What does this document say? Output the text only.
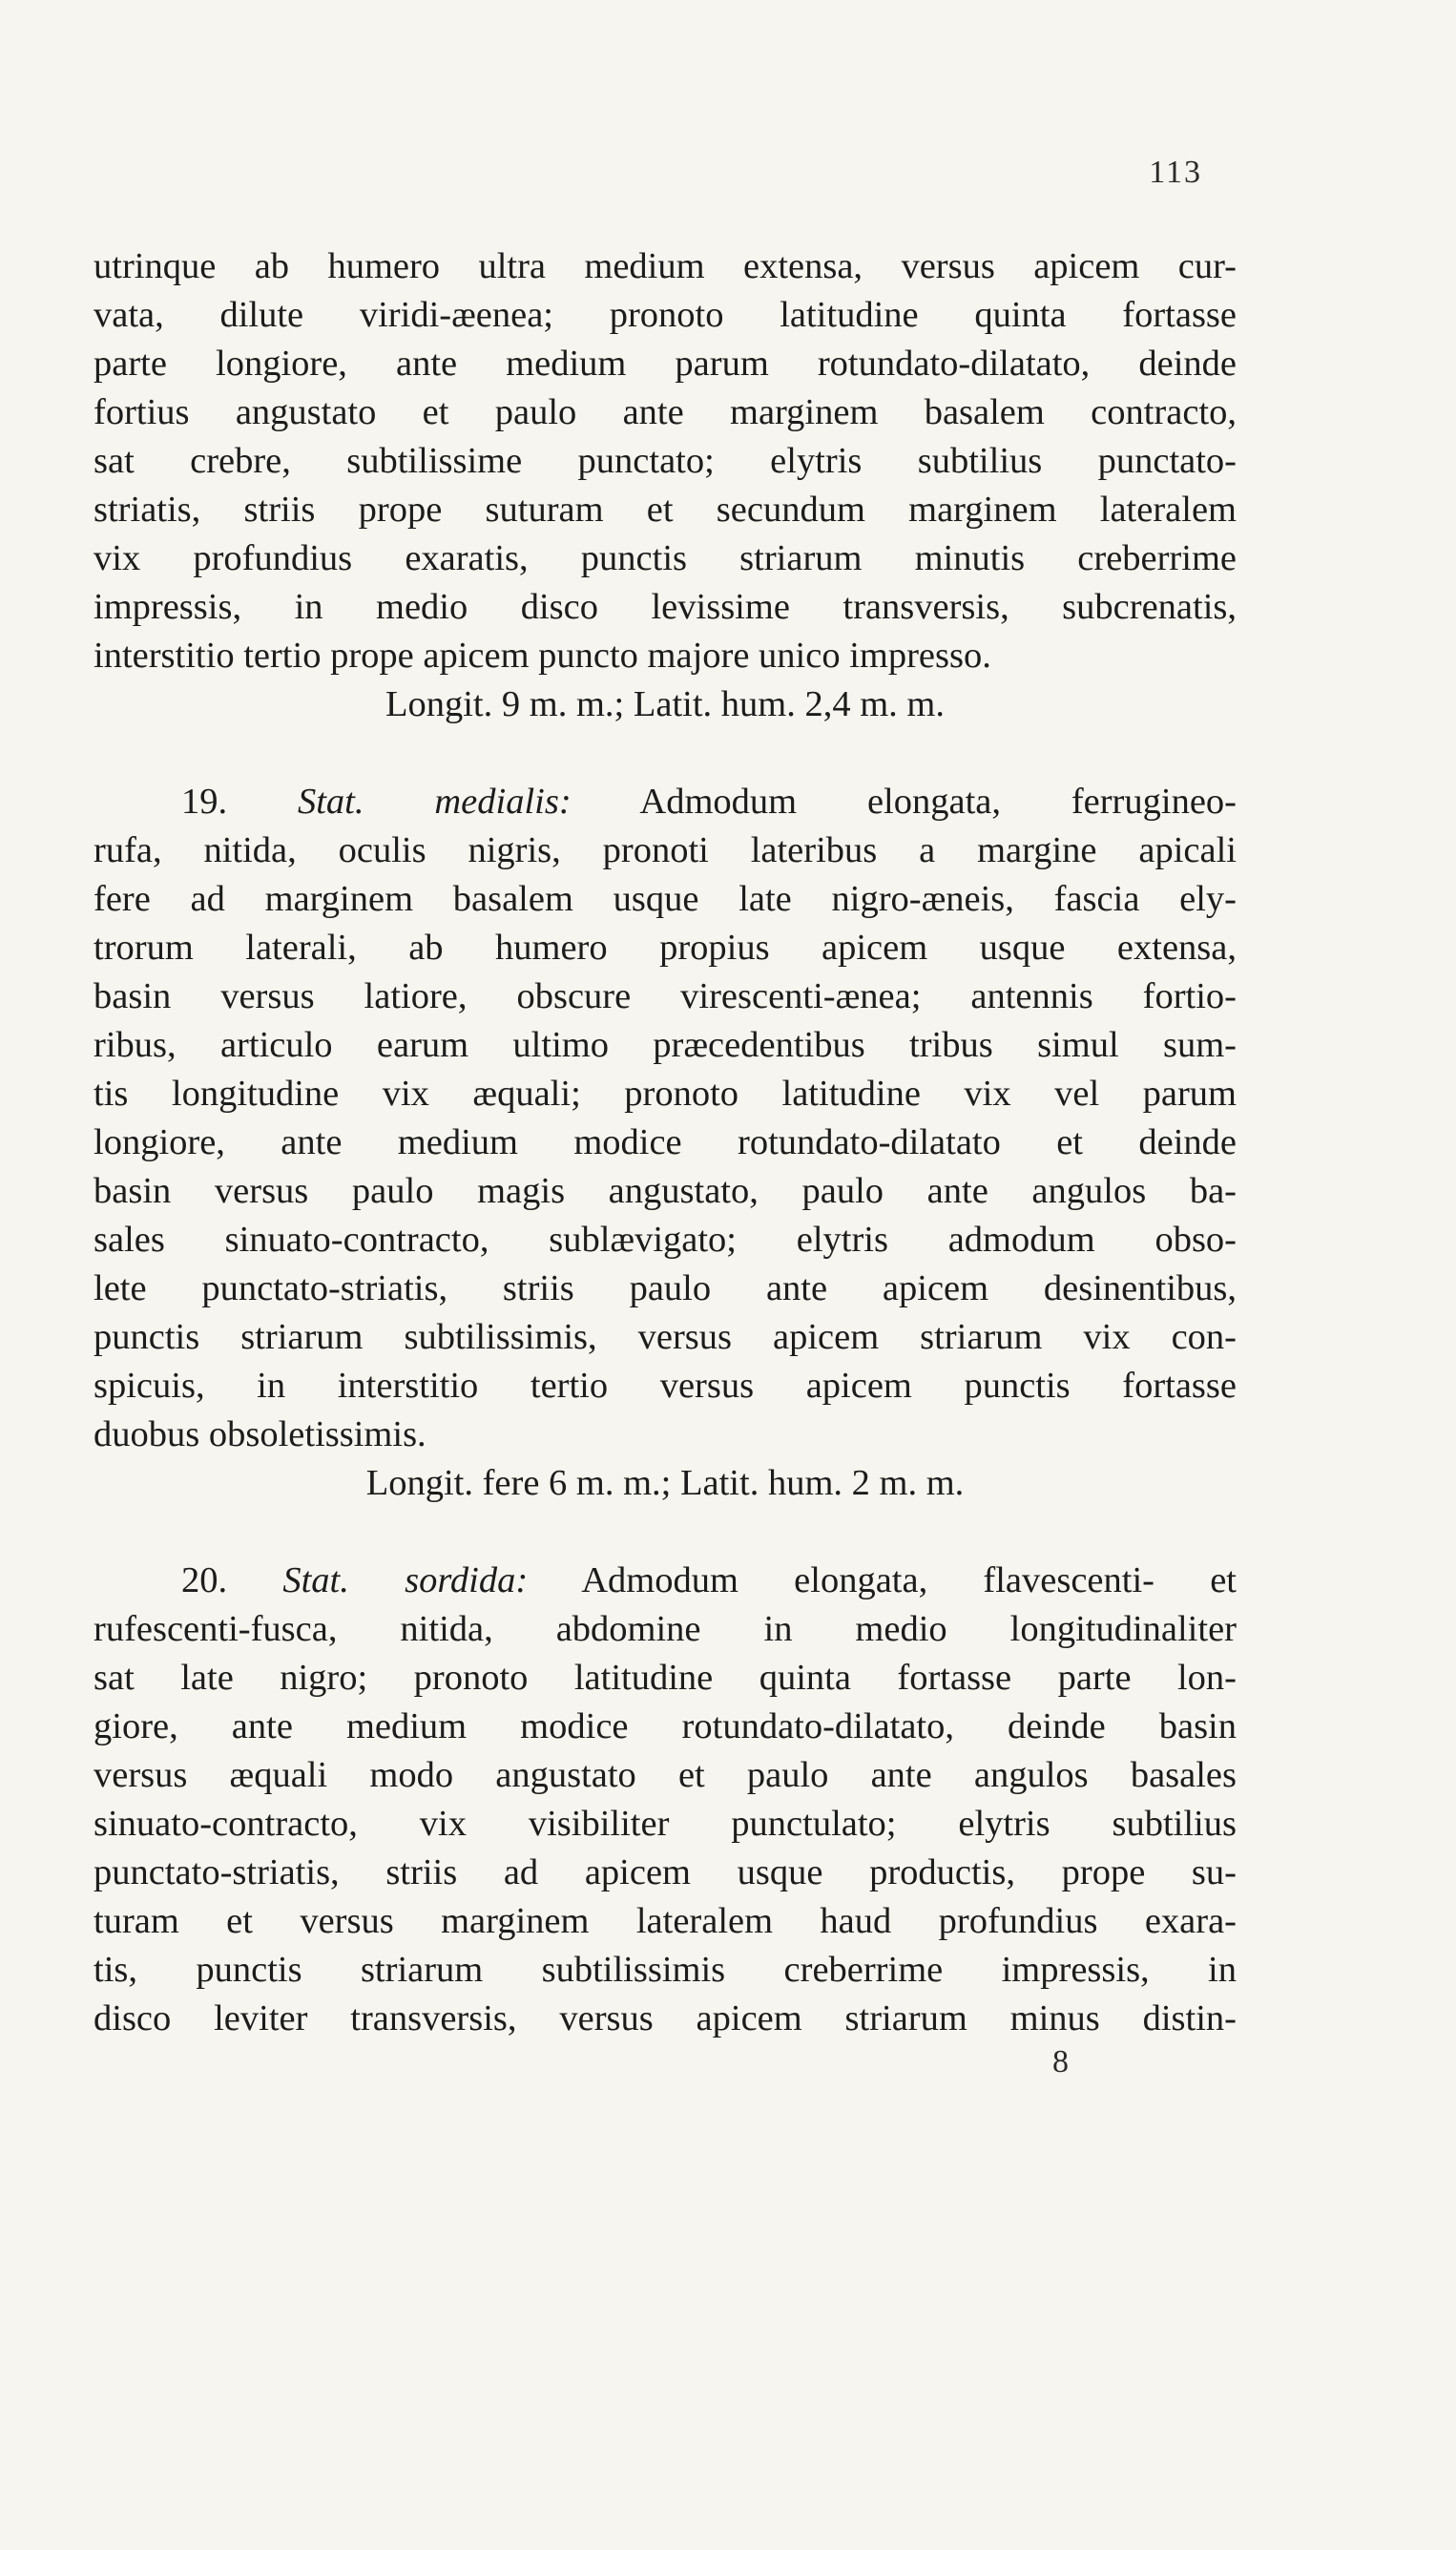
113
utrinque ab humero ultra medium extensa, versus apicem cur-
vata, dilute viridi-æenea; pronoto latitudine quinta fortasse
parte longiore, ante medium parum rotundato-dilatato, deinde
fortius angustato et paulo ante marginem basalem contracto,
sat crebre, subtilissime punctato; elytris subtilius punctato-
striatis, striis prope suturam et secundum marginem lateralem
vix profundius exaratis, punctis striarum minutis creberrime
impressis, in medio disco levissime transversis, subcrenatis,
interstitio tertio prope apicem puncto majore unico impresso.
Longit. 9 m. m.; Latit. hum. 2,4 m. m.
19. Stat. medialis: Admodum elongata, ferrugineo-
rufa, nitida, oculis nigris, pronoti lateribus a margine apicali
fere ad marginem basalem usque late nigro-æneis, fascia ely-
trorum laterali, ab humero propius apicem usque extensa,
basin versus latiore, obscure virescenti-ænea; antennis fortio-
ribus, articulo earum ultimo præcedentibus tribus simul sum-
tis longitudine vix æquali; pronoto latitudine vix vel parum
longiore, ante medium modice rotundato-dilatato et deinde
basin versus paulo magis angustato, paulo ante angulos ba-
sales sinuato-contracto, sublævigato; elytris admodum obso-
lete punctato-striatis, striis paulo ante apicem desinentibus,
punctis striarum subtilissimis, versus apicem striarum vix con-
spicuis, in interstitio tertio versus apicem punctis fortasse
duobus obsoletissimis.
Longit. fere 6 m. m.; Latit. hum. 2 m. m.
20. Stat. sordida: Admodum elongata, flavescenti- et
rufescenti-fusca, nitida, abdomine in medio longitudinaliter
sat late nigro; pronoto latitudine quinta fortasse parte lon-
giore, ante medium modice rotundato-dilatato, deinde basin
versus æquali modo angustato et paulo ante angulos basales
sinuato-contracto, vix visibiliter punctulato; elytris subtilius
punctato-striatis, striis ad apicem usque productis, prope su-
turam et versus marginem lateralem haud profundius exara-
tis, punctis striarum subtilissimis creberrime impressis, in
disco leviter transversis, versus apicem striarum minus distin-
8
